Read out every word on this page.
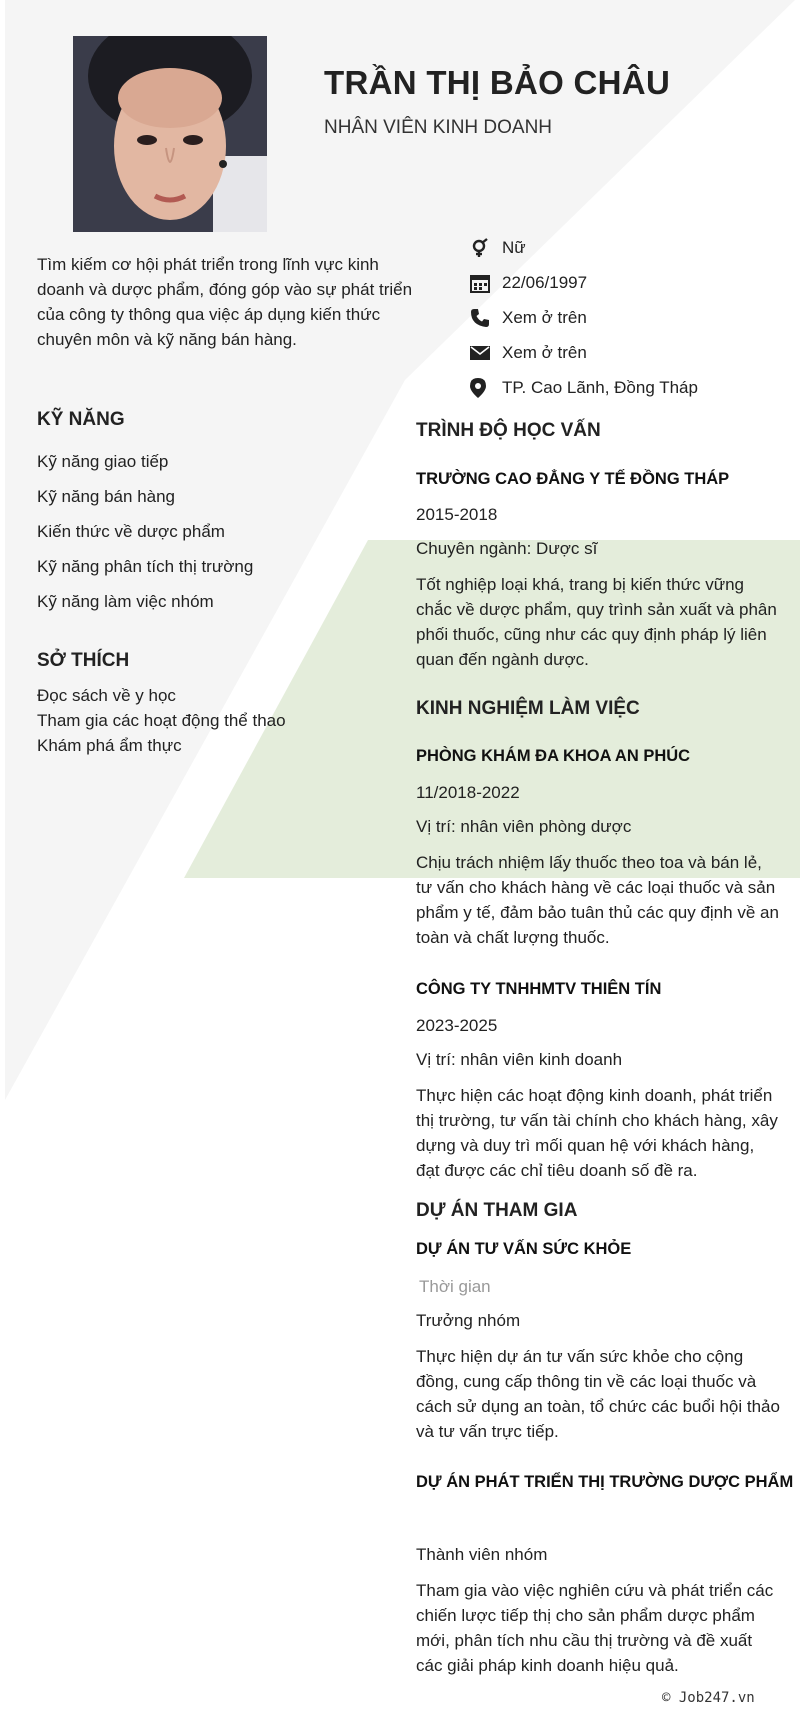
TRẦN THỊ BẢO CHÂU
NHÂN VIÊN KINH DOANH
Tìm kiếm cơ hội phát triển trong lĩnh vực kinh doanh và dược phẩm, đóng góp vào sự phát triển của công ty thông qua việc áp dụng kiến thức chuyên môn và kỹ năng bán hàng.
Nữ
22/06/1997
Xem ở trên
Xem ở trên
TP. Cao Lãnh, Đồng Tháp
KỸ NĂNG
Kỹ năng giao tiếp
Kỹ năng bán hàng
Kiến thức về dược phẩm
Kỹ năng phân tích thị trường
Kỹ năng làm việc nhóm
SỞ THÍCH
Đọc sách về y học
Tham gia các hoạt động thể thao
Khám phá ẩm thực
TRÌNH ĐỘ HỌC VẤN
TRƯỜNG CAO ĐẲNG Y TẾ ĐỒNG THÁP
2015-2018
Chuyên ngành: Dược sĩ
Tốt nghiệp loại khá, trang bị kiến thức vững chắc về dược phẩm, quy trình sản xuất và phân phối thuốc, cũng như các quy định pháp lý liên quan đến ngành dược.
KINH NGHIỆM LÀM VIỆC
PHÒNG KHÁM ĐA KHOA AN PHÚC
11/2018-2022
Vị trí: nhân viên phòng dược
Chịu trách nhiệm lấy thuốc theo toa và bán lẻ, tư vấn cho khách hàng về các loại thuốc và sản phẩm y tế, đảm bảo tuân thủ các quy định về an toàn và chất lượng thuốc.
CÔNG TY TNHHMTV THIÊN TÍN
2023-2025
Vị trí: nhân viên kinh doanh
Thực hiện các hoạt động kinh doanh, phát triển thị trường, tư vấn tài chính cho khách hàng, xây dựng và duy trì mối quan hệ với khách hàng, đạt được các chỉ tiêu doanh số đề ra.
DỰ ÁN THAM GIA
DỰ ÁN TƯ VẤN SỨC KHỎE
Thời gian
Trưởng nhóm
Thực hiện dự án tư vấn sức khỏe cho cộng đồng, cung cấp thông tin về các loại thuốc và cách sử dụng an toàn, tổ chức các buổi hội thảo và tư vấn trực tiếp.
DỰ ÁN PHÁT TRIỂN THỊ TRƯỜNG DƯỢC PHẨM
Thành viên nhóm
Tham gia vào việc nghiên cứu và phát triển các chiến lược tiếp thị cho sản phẩm dược phẩm mới, phân tích nhu cầu thị trường và đề xuất các giải pháp kinh doanh hiệu quả.
© Job247.vn
